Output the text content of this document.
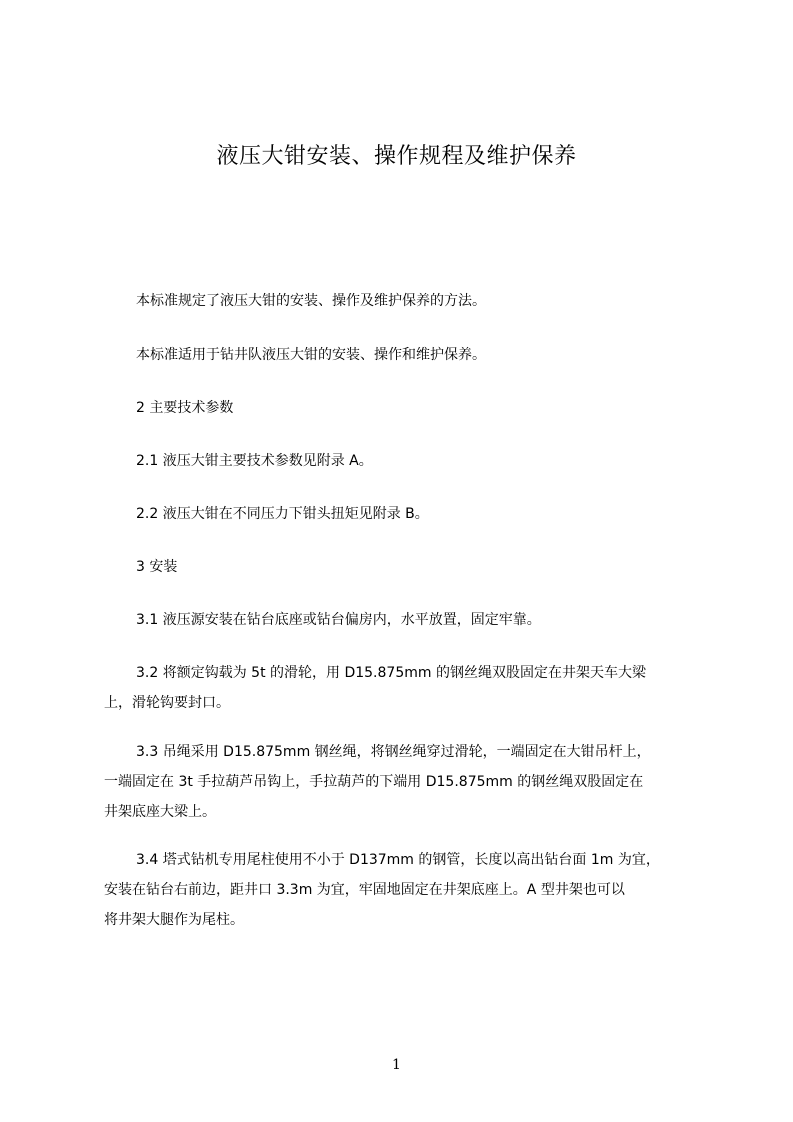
液压大钳安装、操作规程及维护保养

本标准规定了液压大钳的安装、操作及维护保养的方法。

本标准适用于钻井队液压大钳的安装、操作和维护保养。

2 主要技术参数

2.1 液压大钳主要技术参数见附录 A。

2.2 液压大钳在不同压力下钳头扭矩见附录 B。

3 安装

3.1 液压源安装在钻台底座或钻台偏房内，水平放置，固定牢靠。

3.2 将额定钩载为 5t 的滑轮，用 D15.875mm 的钢丝绳双股固定在井架天车大梁
上，滑轮钩要封口。

3.3 吊绳采用 D15.875mm 钢丝绳，将钢丝绳穿过滑轮，一端固定在大钳吊杆上，
一端固定在 3t 手拉葫芦吊钩上，手拉葫芦的下端用 D15.875mm 的钢丝绳双股固定在
井架底座大梁上。

3.4 塔式钻机专用尾柱使用不小于 D137mm 的钢管，长度以高出钻台面 1m 为宜，
安装在钻台右前边，距井口 3.3m 为宜，牢固地固定在井架底座上。A 型井架也可以
将井架大腿作为尾柱。

1
